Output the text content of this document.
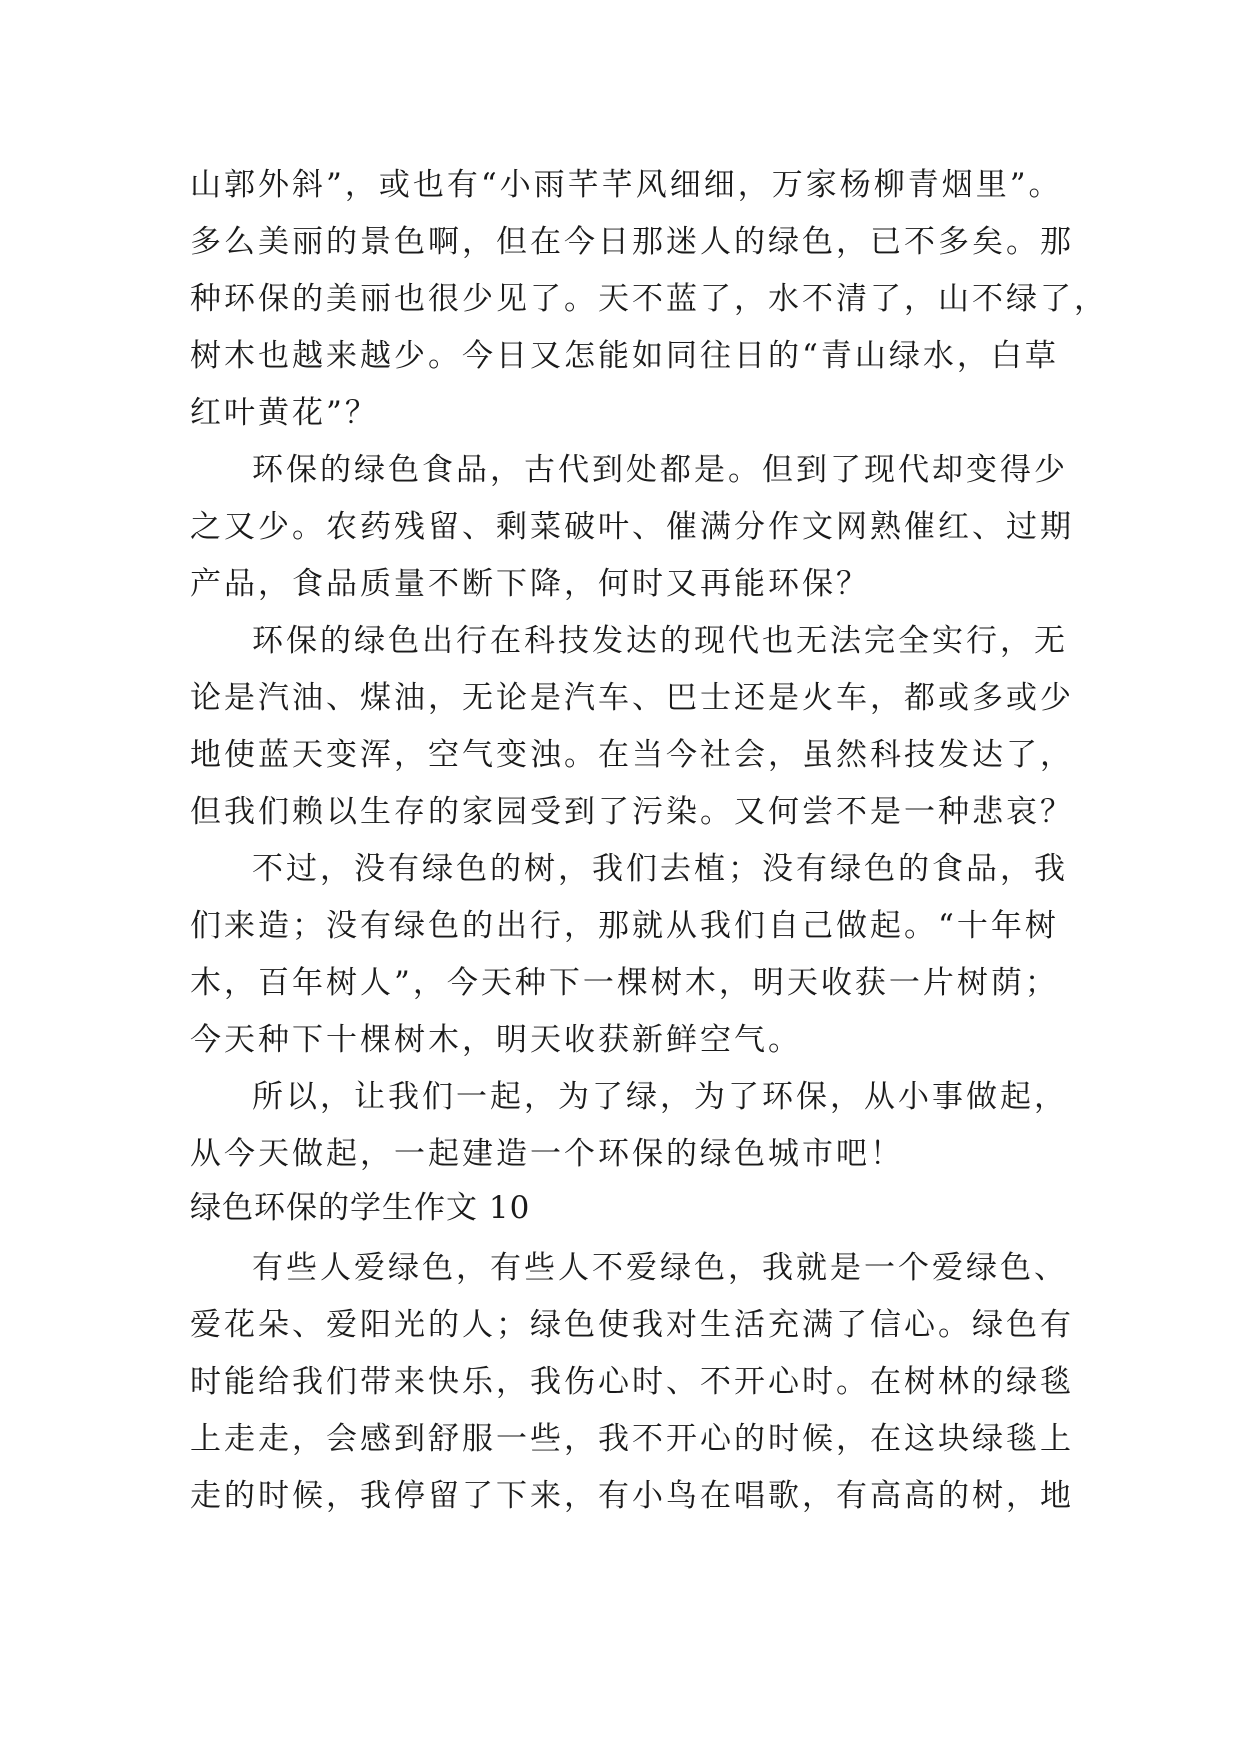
山郭外斜”，或也有“小雨芊芊风细细，万家杨柳青烟里”。
多么美丽的景色啊，但在今日那迷人的绿色，已不多矣。那
种环保的美丽也很少见了。天不蓝了，水不清了，山不绿了，
树木也越来越少。今日又怎能如同往日的“青山绿水，白草
红叶黄花”？
环保的绿色食品，古代到处都是。但到了现代却变得少
之又少。农药残留、剩菜破叶、催满分作文网熟催红、过期
产品，食品质量不断下降，何时又再能环保？
环保的绿色出行在科技发达的现代也无法完全实行，无
论是汽油、煤油，无论是汽车、巴士还是火车，都或多或少
地使蓝天变浑，空气变浊。在当今社会，虽然科技发达了，
但我们赖以生存的家园受到了污染。又何尝不是一种悲哀？
不过，没有绿色的树，我们去植；没有绿色的食品，我
们来造；没有绿色的出行，那就从我们自己做起。“十年树
木，百年树人”，今天种下一棵树木，明天收获一片树荫；
今天种下十棵树木，明天收获新鲜空气。
所以，让我们一起，为了绿，为了环保，从小事做起，
从今天做起，一起建造一个环保的绿色城市吧！
绿色环保的学生作文 10
有些人爱绿色，有些人不爱绿色，我就是一个爱绿色、
爱花朵、爱阳光的人；绿色使我对生活充满了信心。绿色有
时能给我们带来快乐，我伤心时、不开心时。在树林的绿毯
上走走，会感到舒服一些，我不开心的时候，在这块绿毯上
走的时候，我停留了下来，有小鸟在唱歌，有高高的树，地
